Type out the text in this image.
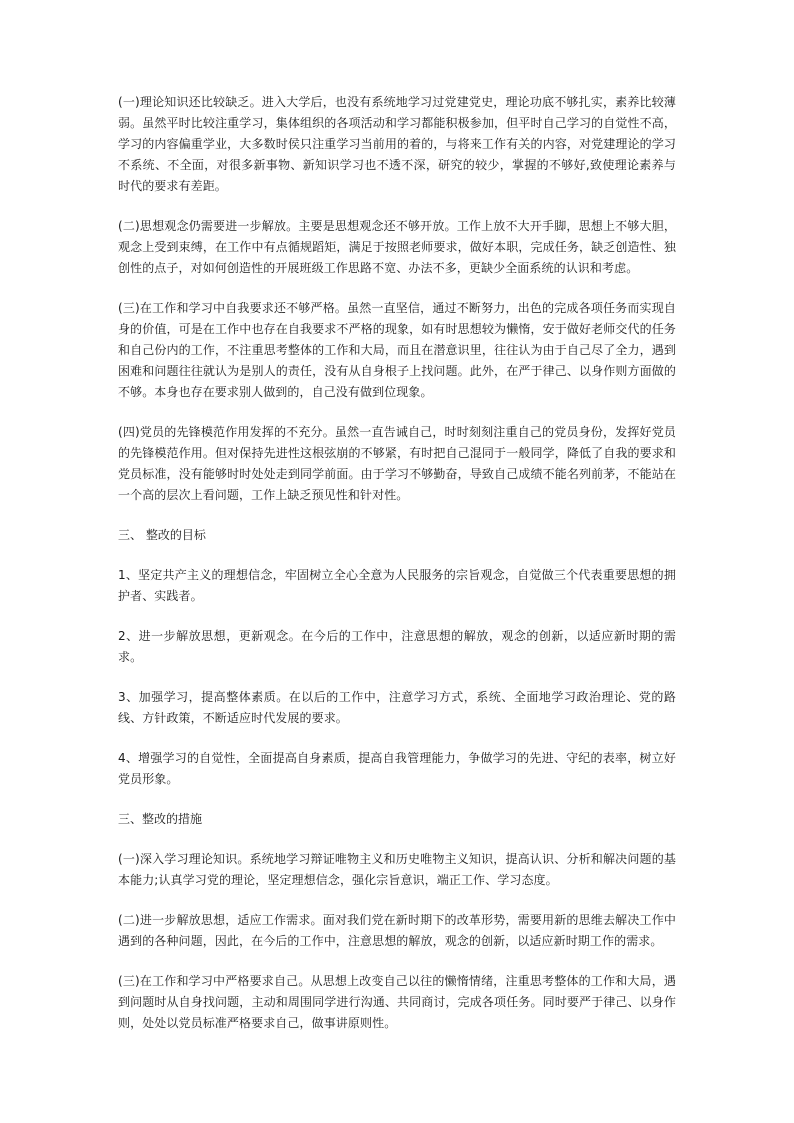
(一)理论知识还比较缺乏。进入大学后，也没有系统地学习过党建党史，理论功底不够扎实，素养比较薄弱。虽然平时比较注重学习，集体组织的各项活动和学习都能积极参加，但平时自己学习的自觉性不高，学习的内容偏重学业，大多数时侯只注重学习当前用的着的，与将来工作有关的内容，对党建理论的学习不系统、不全面，对很多新事物、新知识学习也不透不深，研究的较少，掌握的不够好,致使理论素养与时代的要求有差距。

(二)思想观念仍需要进一步解放。主要是思想观念还不够开放。工作上放不大开手脚，思想上不够大胆，观念上受到束缚，在工作中有点循规蹈矩，满足于按照老师要求，做好本职，完成任务，缺乏创造性、独创性的点子，对如何创造性的开展班级工作思路不宽、办法不多，更缺少全面系统的认识和考虑。

(三)在工作和学习中自我要求还不够严格。虽然一直坚信，通过不断努力，出色的完成各项任务而实现自身的价值，可是在工作中也存在自我要求不严格的现象，如有时思想较为懒惰，安于做好老师交代的任务和自己份内的工作，不注重思考整体的工作和大局，而且在潜意识里，往往认为由于自己尽了全力，遇到困难和问题往往就认为是别人的责任，没有从自身根子上找问题。此外，在严于律己、以身作则方面做的不够。本身也存在要求别人做到的，自己没有做到位现象。

(四)党员的先锋模范作用发挥的不充分。虽然一直告诫自己，时时刻刻注重自己的党员身份，发挥好党员的先锋模范作用。但对保持先进性这根弦崩的不够紧，有时把自己混同于一般同学，降低了自我的要求和党员标准，没有能够时时处处走到同学前面。由于学习不够勤奋，导致自己成绩不能名列前茅，不能站在一个高的层次上看问题，工作上缺乏预见性和针对性。

三、 整改的目标

1、坚定共产主义的理想信念，牢固树立全心全意为人民服务的宗旨观念，自觉做三个代表重要思想的拥护者、实践者。

2、进一步解放思想，更新观念。在今后的工作中，注意思想的解放，观念的创新，以适应新时期的需求。

3、加强学习，提高整体素质。在以后的工作中，注意学习方式，系统、全面地学习政治理论、党的路线、方针政策，不断适应时代发展的要求。

4、增强学习的自觉性，全面提高自身素质，提高自我管理能力，争做学习的先进、守纪的表率，树立好党员形象。

三、整改的措施

(一)深入学习理论知识。系统地学习辩证唯物主义和历史唯物主义知识，提高认识、分析和解决问题的基本能力;认真学习党的理论，坚定理想信念，强化宗旨意识，端正工作、学习态度。

(二)进一步解放思想，适应工作需求。面对我们党在新时期下的改革形势，需要用新的思维去解决工作中遇到的各种问题，因此，在今后的工作中，注意思想的解放，观念的创新，以适应新时期工作的需求。

(三)在工作和学习中严格要求自己。从思想上改变自己以往的懒惰情绪，注重思考整体的工作和大局，遇到问题时从自身找问题，主动和周围同学进行沟通、共同商讨，完成各项任务。同时要严于律己、以身作则，处处以党员标准严格要求自己，做事讲原则性。
